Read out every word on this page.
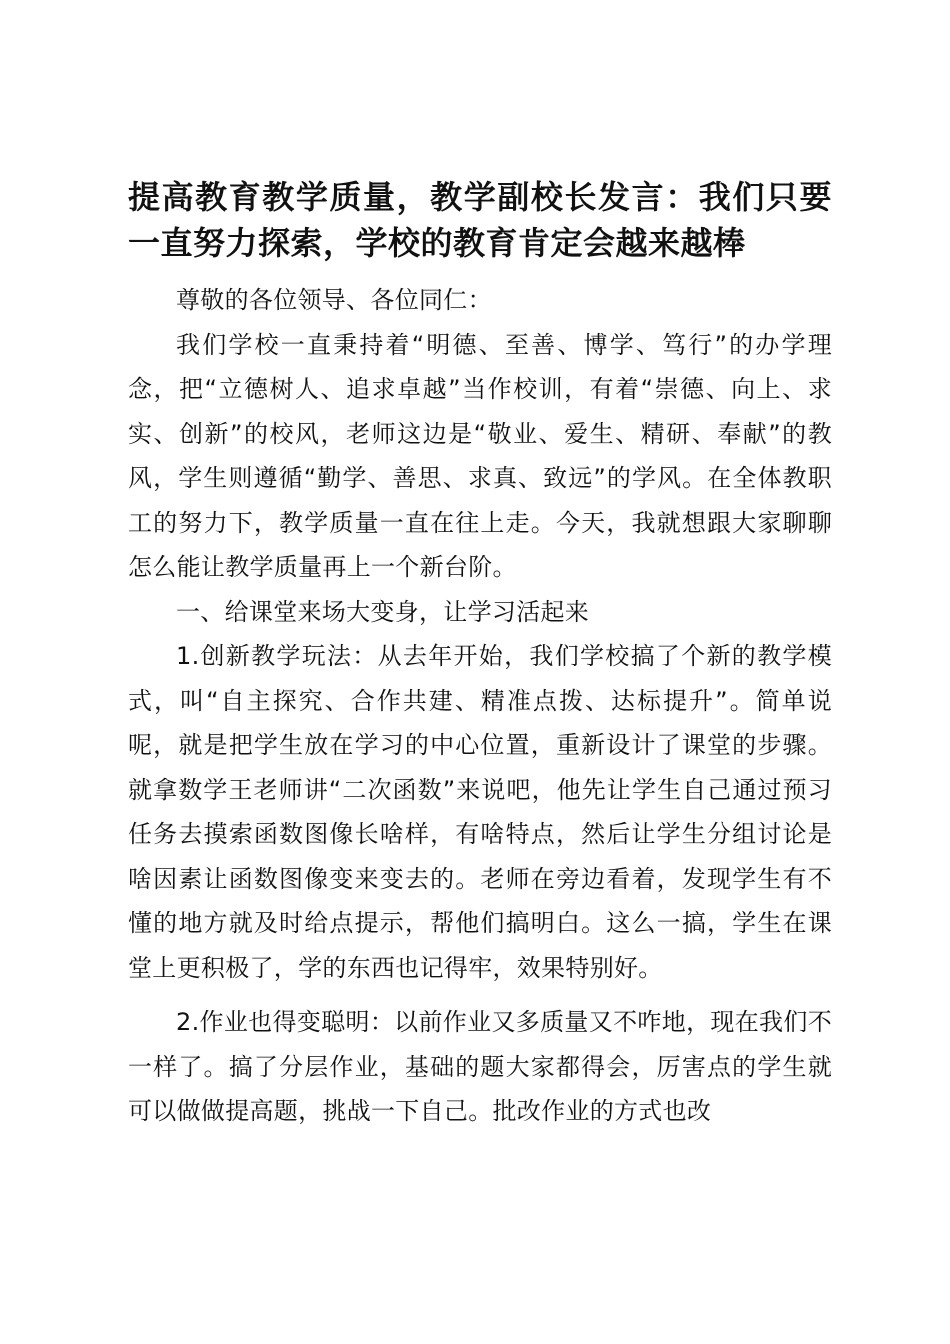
提高教育教学质量，教学副校长发言：我们只要一直努力探索，学校的教育肯定会越来越棒

尊敬的各位领导、各位同仁：

我们学校一直秉持着“明德、至善、博学、笃行”的办学理念，把“立德树人、追求卓越”当作校训，有着“崇德、向上、求实、创新”的校风，老师这边是“敬业、爱生、精研、奉献”的教风，学生则遵循“勤学、善思、求真、致远”的学风。在全体教职工的努力下，教学质量一直在往上走。今天，我就想跟大家聊聊怎么能让教学质量再上一个新台阶。

一、给课堂来场大变身，让学习活起来

1.创新教学玩法：从去年开始，我们学校搞了个新的教学模式，叫“自主探究、合作共建、精准点拨、达标提升”。简单说呢，就是把学生放在学习的中心位置，重新设计了课堂的步骤。就拿数学王老师讲“二次函数”来说吧，他先让学生自己通过预习任务去摸索函数图像长啥样，有啥特点，然后让学生分组讨论是啥因素让函数图像变来变去的。老师在旁边看着，发现学生有不懂的地方就及时给点提示，帮他们搞明白。这么一搞，学生在课堂上更积极了，学的东西也记得牢，效果特别好。

2.作业也得变聪明：以前作业又多质量又不咋地，现在我们不一样了。搞了分层作业，基础的题大家都得会，厉害点的学生就可以做做提高题，挑战一下自己。批改作业的方式也改
